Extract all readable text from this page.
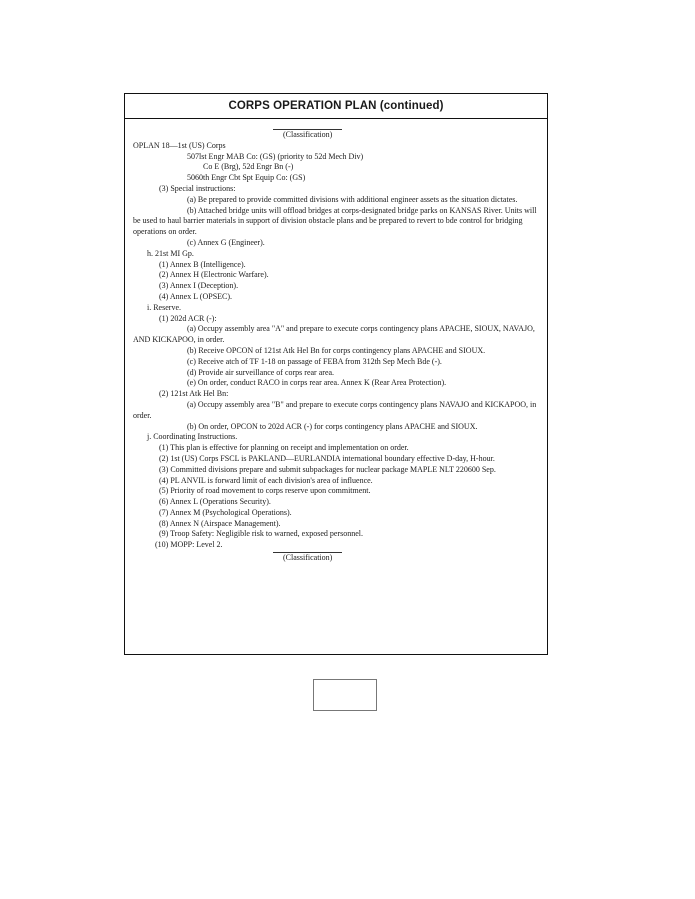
CORPS OPERATION PLAN (continued)
(Classification)
OPLAN 18—1st (US) Corps
507lst Engr MAB Co: (GS) (priority to 52d Mech Div)
Co E (Brg), 52d Engr Bn (-)
5060th Engr Cbt Spt Equip Co: (GS)
(3) Special instructions:
(a) Be prepared to provide committed divisions with additional engineer assets as the situation dictates.
(b) Attached bridge units will offload bridges at corps-designated bridge parks on KANSAS River. Units will be used to haul barrier materials in support of division obstacle plans and be prepared to revert to bde control for bridging operations on order.
(c) Annex G (Engineer).
h. 21st MI Gp.
(1) Annex B (Intelligence).
(2) Annex H (Electronic Warfare).
(3) Annex I (Deception).
(4) Annex L (OPSEC).
i. Reserve.
(1) 202d ACR (-):
(a) Occupy assembly area "A" and prepare to execute corps contingency plans APACHE, SIOUX, NAVAJO, AND KICKAPOO, in order.
(b) Receive OPCON of 121st Atk Hel Bn for corps contingency plans APACHE and SIOUX.
(c) Receive atch of TF 1-18 on passage of FEBA from 312th Sep Mech Bde (-).
(d) Provide air surveillance of corps rear area.
(e) On order, conduct RACO in corps rear area. Annex K (Rear Area Protection).
(2) 121st Atk Hel Bn:
(a) Occupy assembly area "B" and prepare to execute corps contingency plans NAVAJO and KICKAPOO, in order.
(b) On order, OPCON to 202d ACR (-) for corps contingency plans APACHE and SIOUX.
j. Coordinating Instructions.
(1) This plan is effective for planning on receipt and implementation on order.
(2) 1st (US) Corps FSCL is PAKLAND—EURLANDIA international boundary effective D-day, H-hour.
(3) Committed divisions prepare and submit subpackages for nuclear package MAPLE NLT 220600 Sep.
(4) PL ANVIL is forward limit of each division's area of influence.
(5) Priority of road movement to corps reserve upon commitment.
(6) Annex L (Operations Security).
(7) Annex M (Psychological Operations).
(8) Annex N (Airspace Management).
(9) Troop Safety: Negligible risk to warned, exposed personnel.
(10) MOPP: Level 2.
(Classification)
